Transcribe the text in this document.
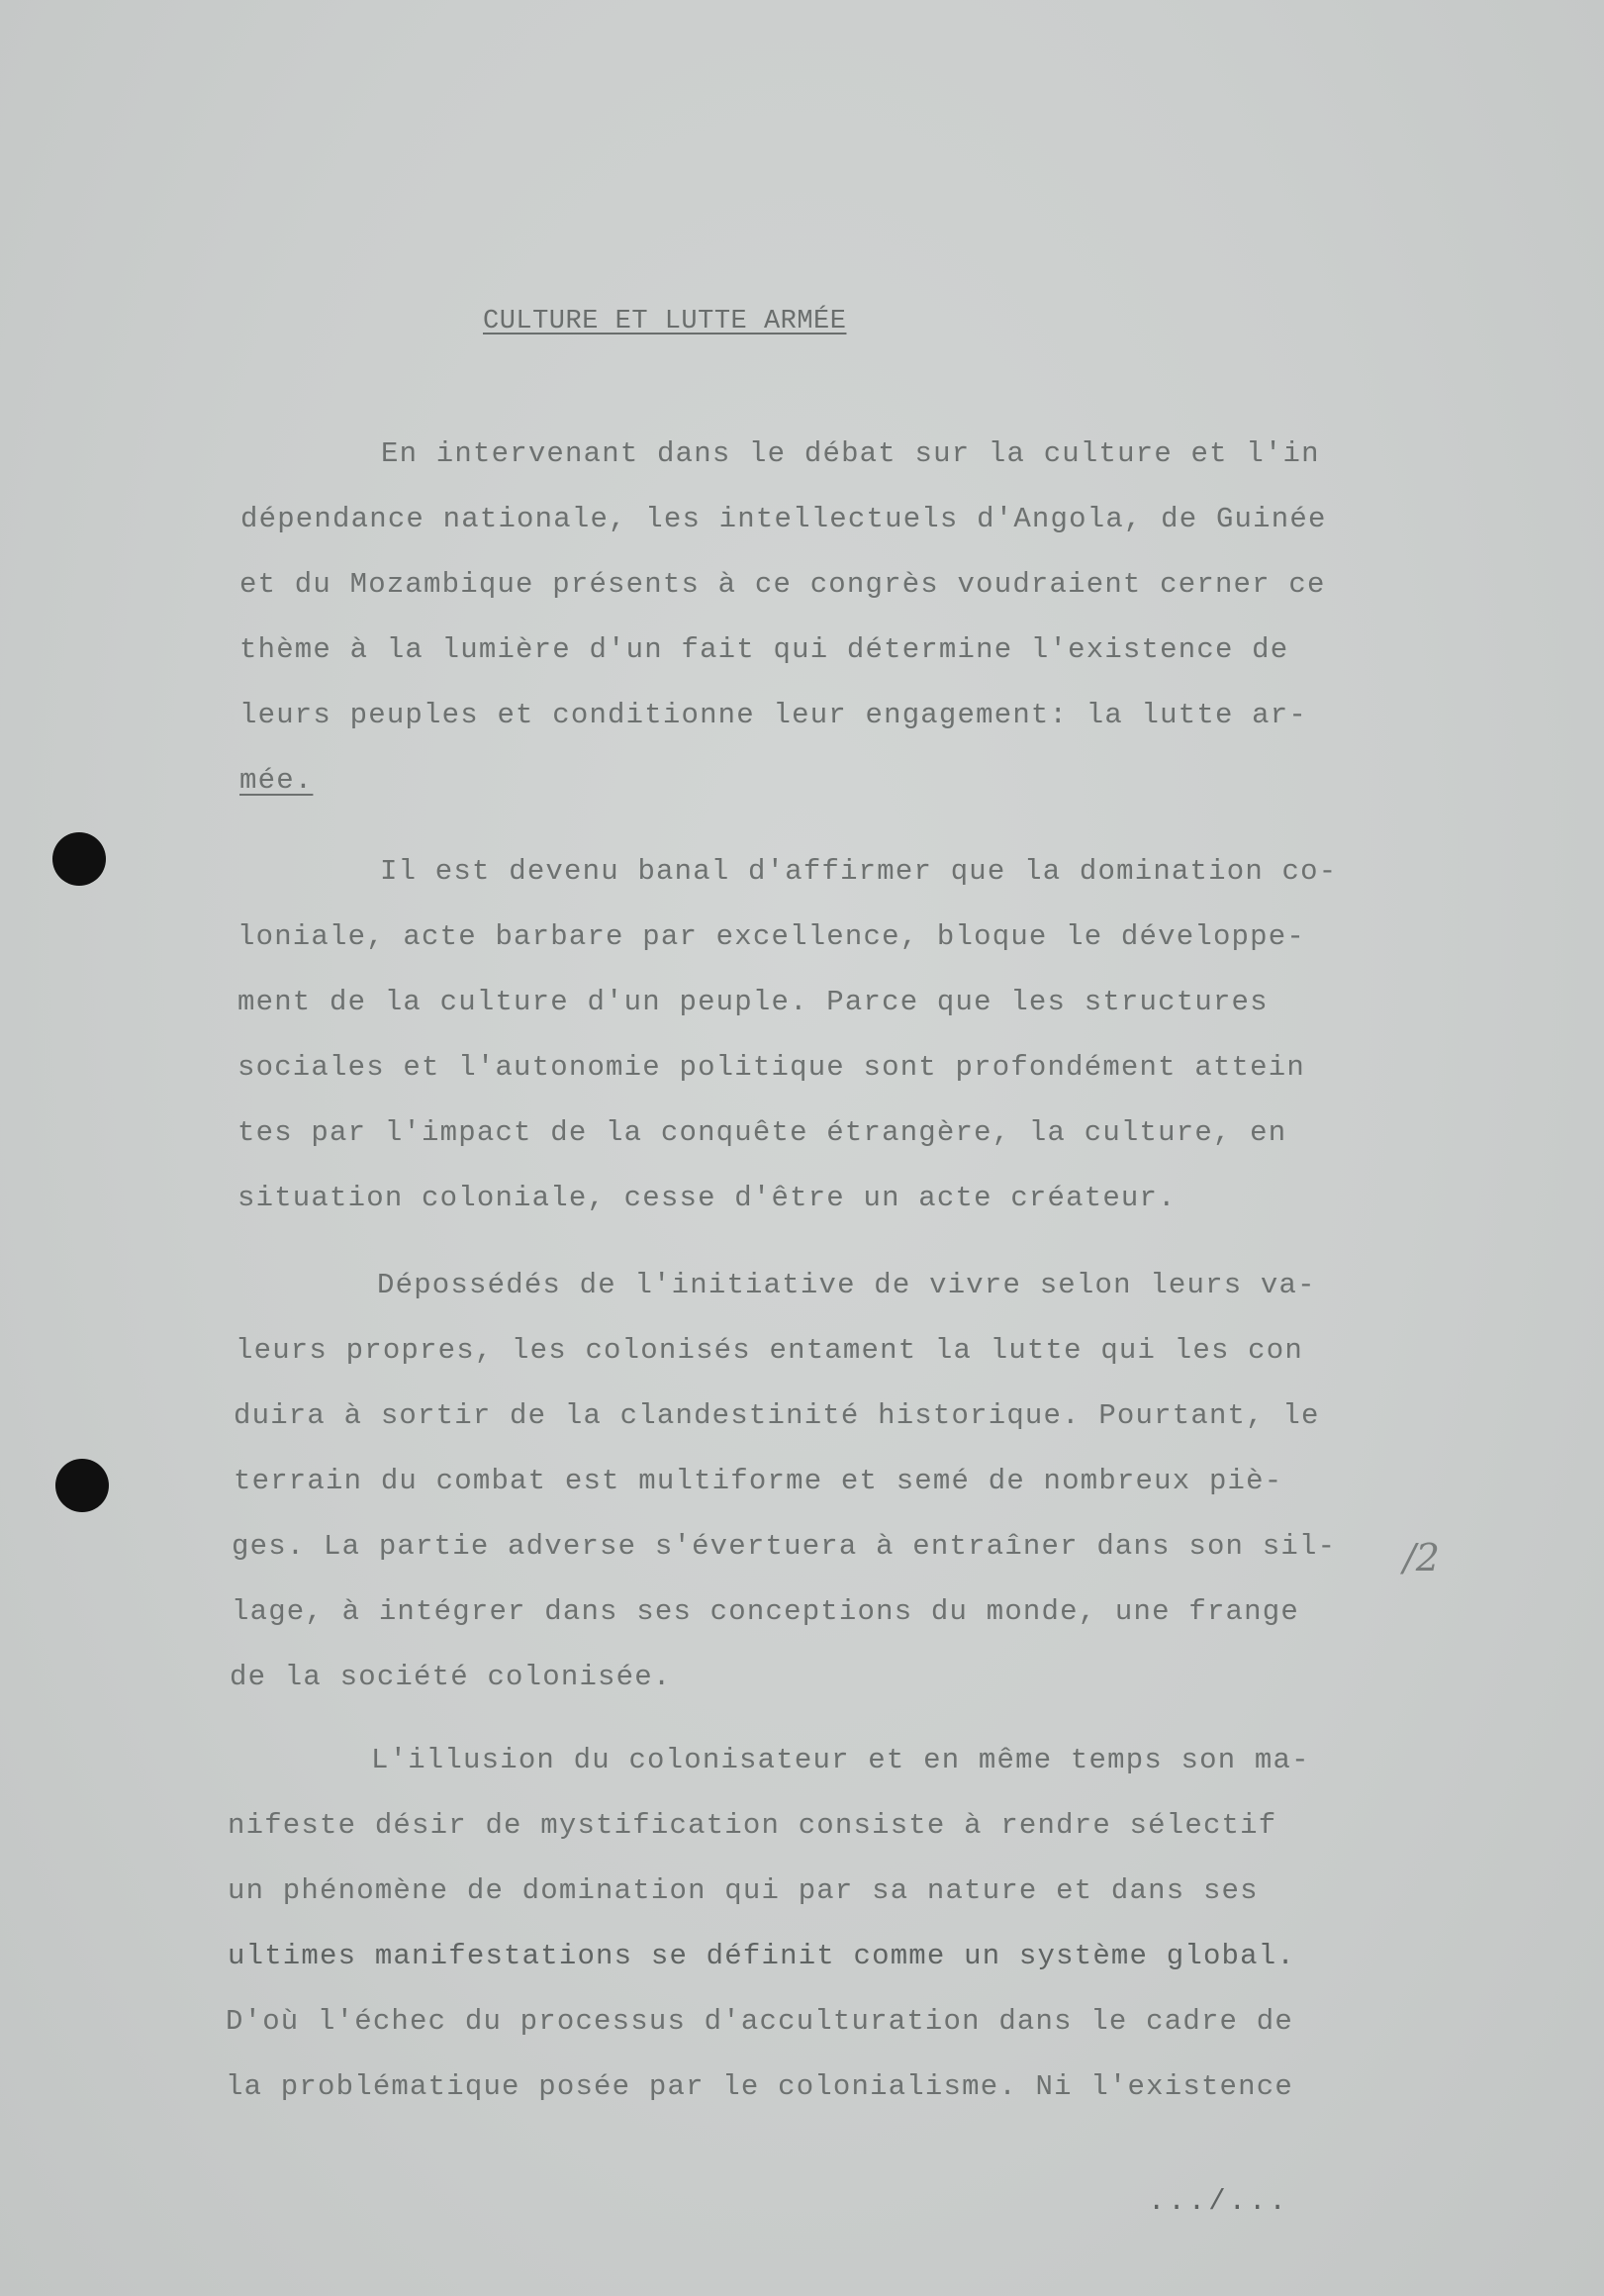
CULTURE ET LUTTE ARMÉE
En intervenant dans le débat sur la culture et l'in
dépendance nationale, les intellectuels d'Angola, de Guinée
et du Mozambique présents à ce congrès voudraient cerner ce
thème à la lumière d'un fait qui détermine l'existence de
leurs peuples et conditionne leur engagement: la lutte ar-
mée.
Il est devenu banal d'affirmer que la domination co-
loniale, acte barbare par excellence, bloque le développe-
ment de la culture d'un peuple. Parce que les structures
sociales et l'autonomie politique sont profondément attein
tes par l'impact de la conquête étrangère, la culture, en
situation coloniale, cesse d'être un acte créateur.
Dépossédés de l'initiative de vivre selon leurs va-
leurs propres, les colonisés entament la lutte qui les con
duira à sortir de la clandestinité historique. Pourtant, le
terrain du combat est multiforme et semé de nombreux piè-
ges. La partie adverse s'évertuera à entraîner dans son sil-
lage, à intégrer dans ses conceptions du monde, une frange
de la société colonisée.
L'illusion du colonisateur et en même temps son ma-
nifeste désir de mystification consiste à rendre sélectif
un phénomène de domination qui par sa nature et dans ses
ultimes manifestations se définit comme un système global.
D'où l'échec du processus d'acculturation dans le cadre de
la problématique posée par le colonialisme. Ni l'existence
/2
.../...
